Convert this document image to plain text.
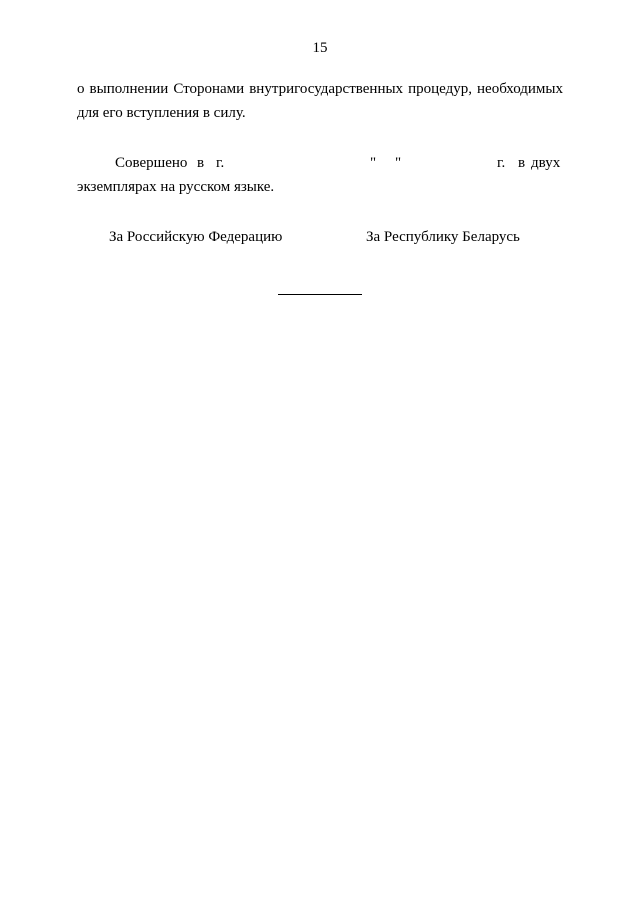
15
о выполнении Сторонами внутригосударственных процедур, необходимых
для его вступления в силу.
Совершено в г.	" "	г. в двух
экземплярах на русском языке.
За Российскую Федерацию	За Республику Беларусь
